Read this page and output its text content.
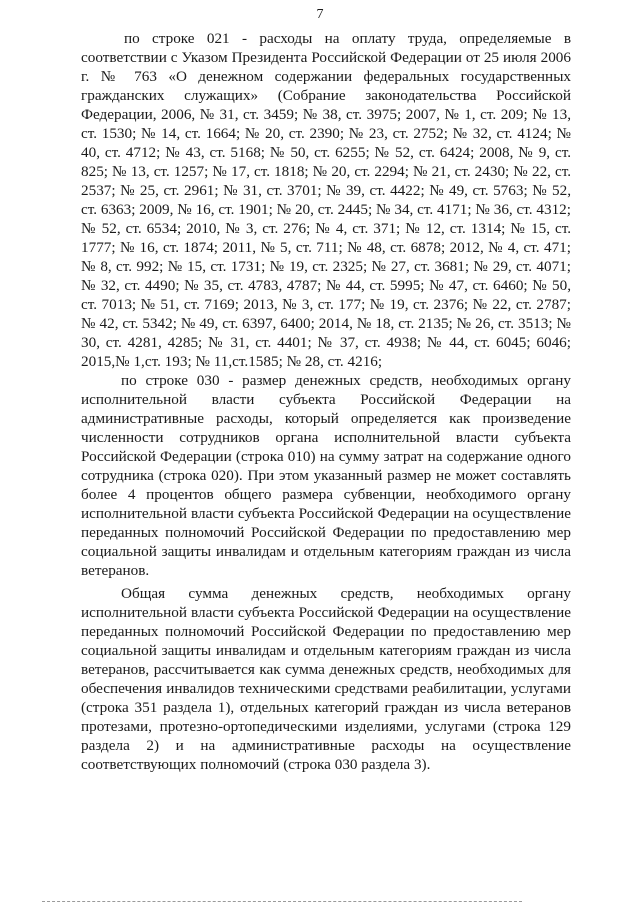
7

по строке 021 - расходы на оплату труда, определяемые в соответствии с Указом Президента Российской Федерации от 25 июля 2006 г. № 763 «О денежном содержании федеральных государственных гражданских служащих» (Собрание законодательства Российской Федерации, 2006, № 31, ст. 3459; № 38, ст. 3975; 2007, № 1, ст. 209; № 13, ст. 1530; № 14, ст. 1664; № 20, ст. 2390; № 23, ст. 2752; № 32, ст. 4124; № 40, ст. 4712; № 43, ст. 5168; № 50, ст. 6255; № 52, ст. 6424; 2008, № 9, ст. 825; № 13, ст. 1257; № 17, ст. 1818; № 20, ст. 2294; № 21, ст. 2430; № 22, ст. 2537; № 25, ст. 2961; № 31, ст. 3701; № 39, ст. 4422; № 49, ст. 5763; № 52, ст. 6363; 2009, № 16, ст. 1901; № 20, ст. 2445; № 34, ст. 4171; № 36, ст. 4312; № 52, ст. 6534; 2010, № 3, ст. 276; № 4, ст. 371; № 12, ст. 1314; № 15, ст. 1777; № 16, ст. 1874; 2011, № 5, ст. 711; № 48, ст. 6878; 2012, № 4, ст. 471; № 8, ст. 992; № 15, ст. 1731; № 19, ст. 2325; № 27, ст. 3681; № 29, ст. 4071; № 32, ст. 4490; № 35, ст. 4783, 4787; № 44, ст. 5995; № 47, ст. 6460; № 50, ст. 7013; № 51, ст. 7169; 2013, № 3, ст. 177; № 19, ст. 2376; № 22, ст. 2787; № 42, ст. 5342; № 49, ст. 6397, 6400; 2014, № 18, ст. 2135; № 26, ст. 3513; № 30, ст. 4281, 4285; № 31, ст. 4401; № 37, ст. 4938; № 44, ст. 6045; 6046; 2015,№ 1,ст. 193; № 11,ст.1585; № 28, ст. 4216;

по строке 030 - размер денежных средств, необходимых органу исполнительной власти субъекта Российской Федерации на административные расходы, который определяется как произведение численности сотрудников органа исполнительной власти субъекта Российской Федерации (строка 010) на сумму затрат на содержание одного сотрудника (строка 020). При этом указанный размер не может составлять более 4 процентов общего размера субвенции, необходимого органу исполнительной власти субъекта Российской Федерации на осуществление переданных полномочий Российской Федерации по предоставлению мер социальной защиты инвалидам и отдельным категориям граждан из числа ветеранов.

Общая сумма денежных средств, необходимых органу исполнительной власти субъекта Российской Федерации на осуществление переданных полномочий Российской Федерации по предоставлению мер социальной защиты инвалидам и отдельным категориям граждан из числа ветеранов, рассчитывается как сумма денежных средств, необходимых для обеспечения инвалидов техническими средствами реабилитации, услугами (строка 351 раздела 1), отдельных категорий граждан из числа ветеранов протезами, протезно-ортопедическими изделиями, услугами (строка 129 раздела 2) и на административные расходы на осуществление соответствующих полномочий (строка 030 раздела 3).
